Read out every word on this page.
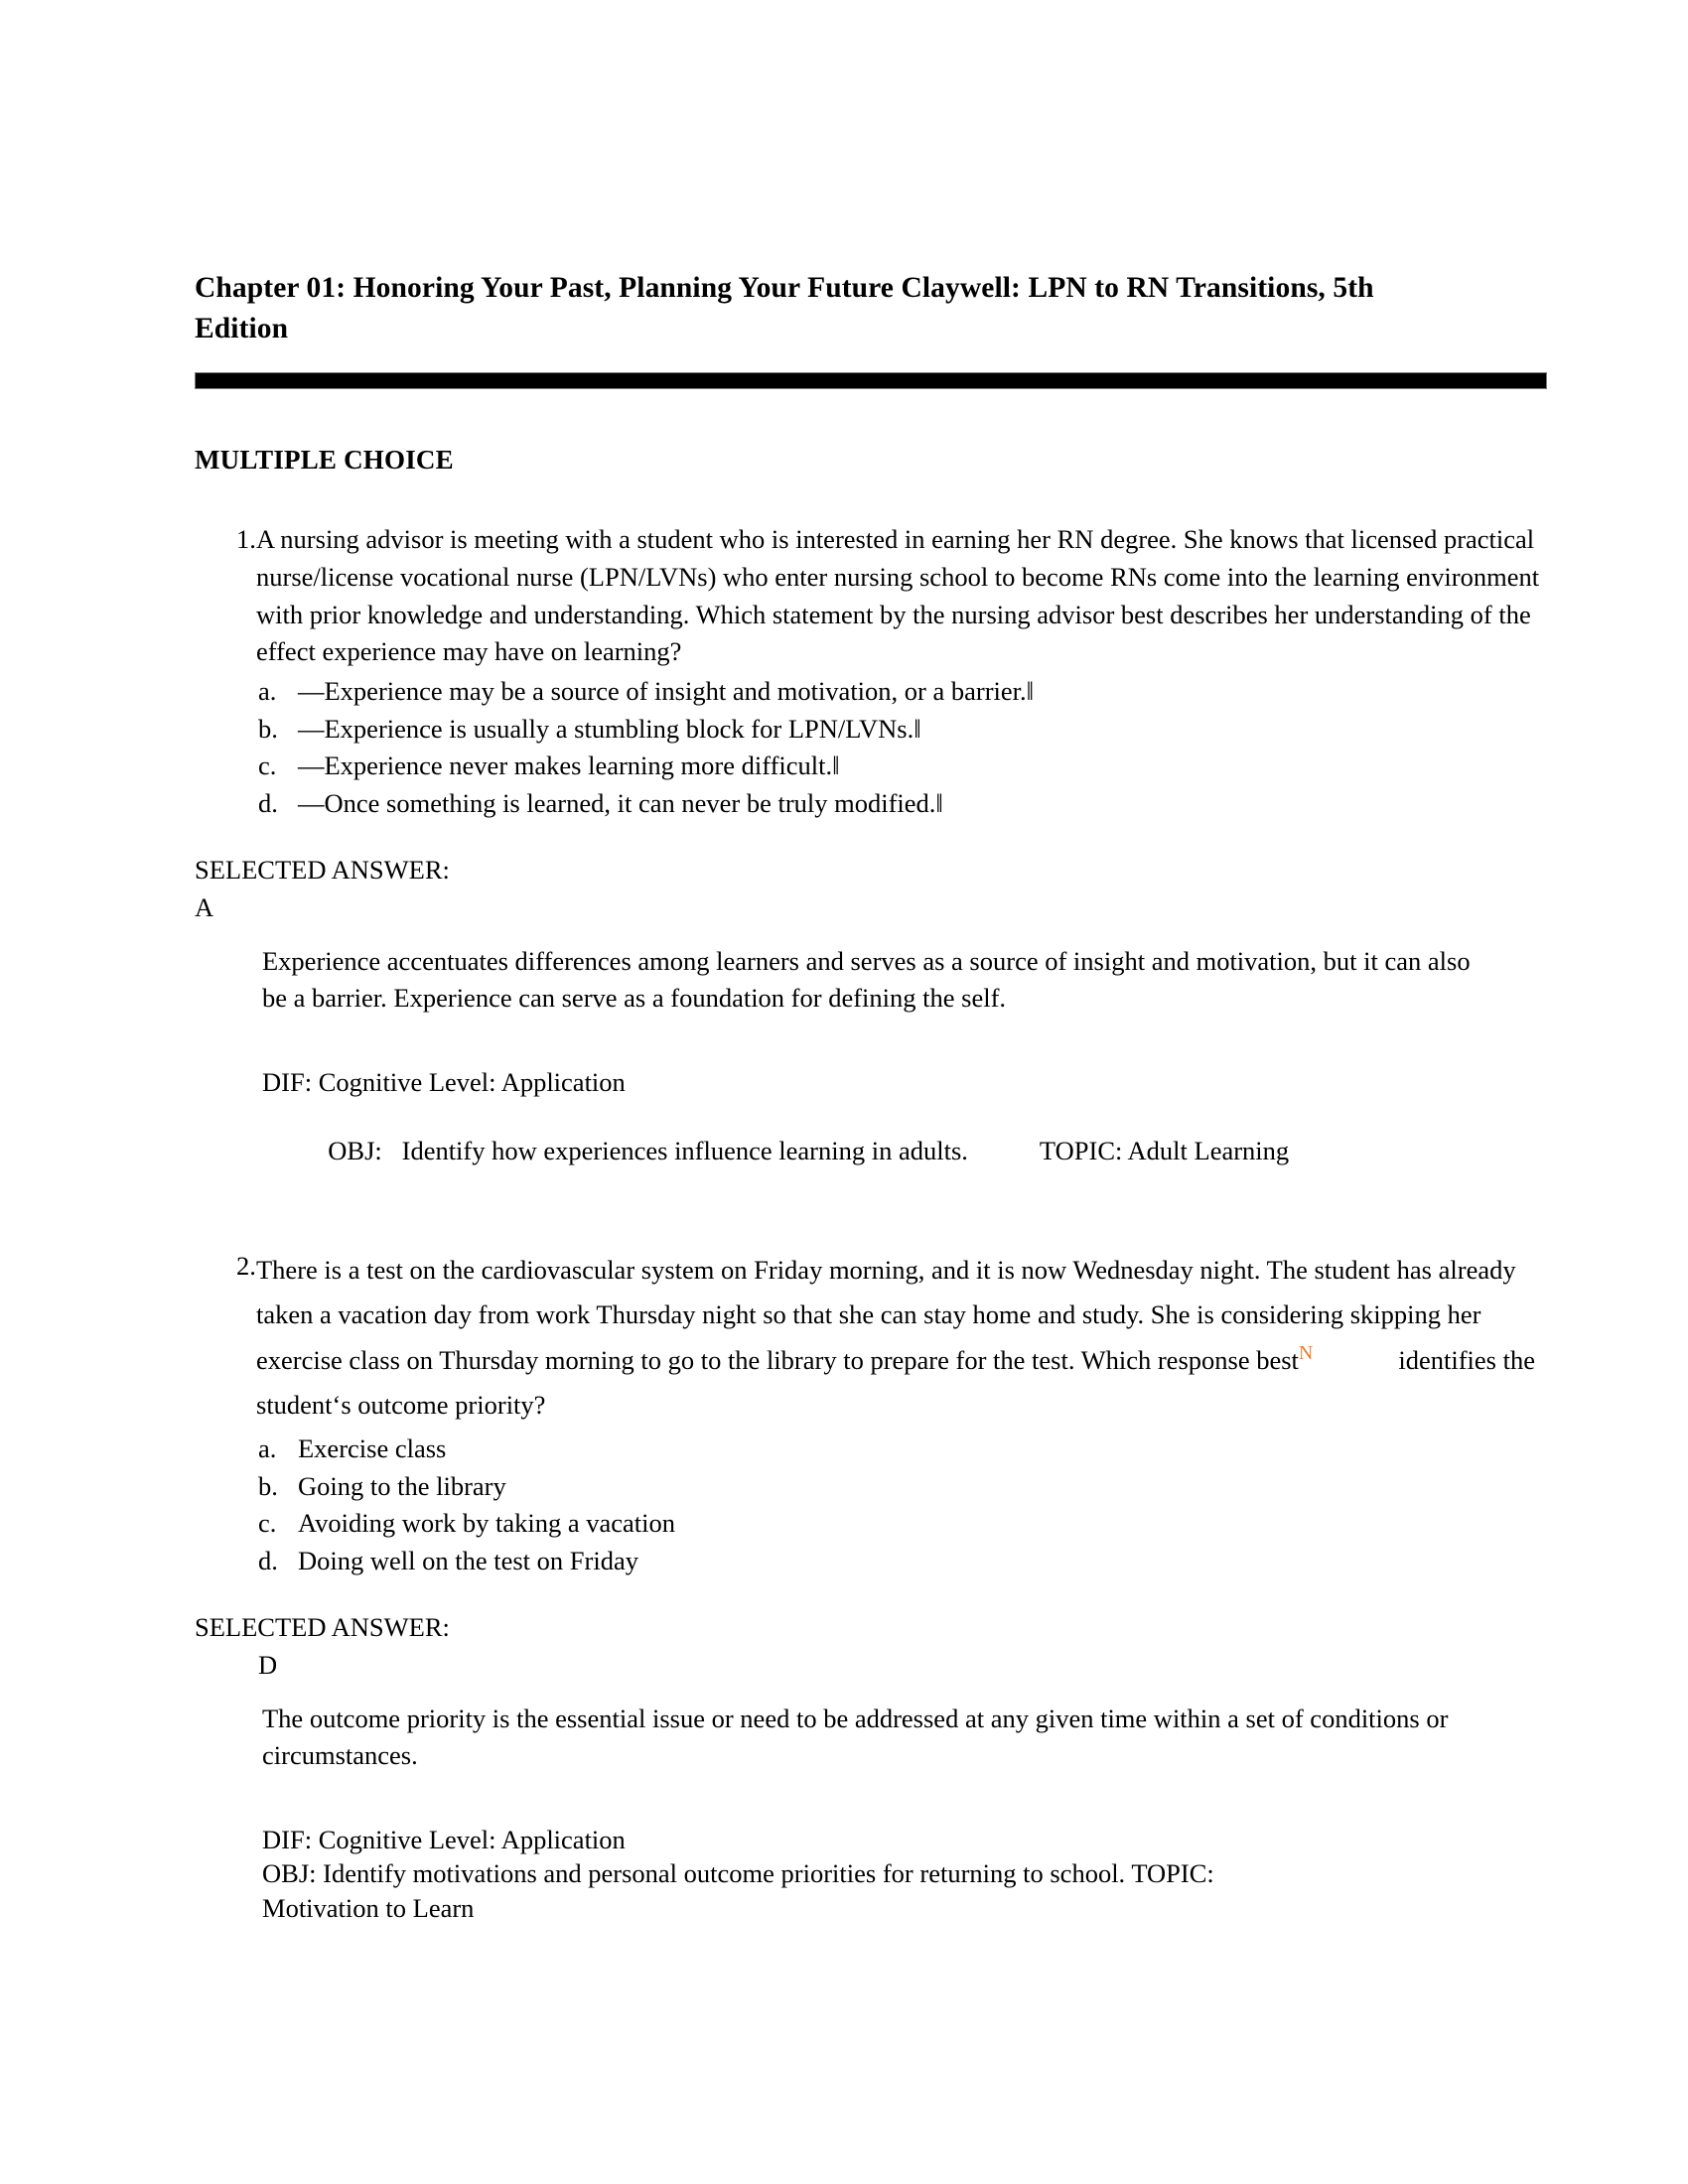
Chapter 01: Honoring Your Past, Planning Your Future Claywell: LPN to RN Transitions, 5th Edition
MULTIPLE CHOICE
1. A nursing advisor is meeting with a student who is interested in earning her RN degree. She knows that licensed practical nurse/license vocational nurse (LPN/LVNs) who enter nursing school to become RNs come into the learning environment with prior knowledge and understanding. Which statement by the nursing advisor best describes her understanding of the effect experience may have on learning?
a. —Experience may be a source of insight and motivation, or a barrier.‖
b. —Experience is usually a stumbling block for LPN/LVNs.‖
c. —Experience never makes learning more difficult.‖
d. —Once something is learned, it can never be truly modified.‖
SELECTED ANSWER:
A
Experience accentuates differences among learners and serves as a source of insight and motivation, but it can also be a barrier. Experience can serve as a foundation for defining the self.
DIF: Cognitive Level: Application

OBJ:   Identify how experiences influence learning in adults.	TOPIC: Adult Learning

2. There is a test on the cardiovascular system on Friday morning, and it is now Wednesday night. The student has already taken a vacation day from work Thursday night so that she can stay home and study. She is considering skipping her exercise class on Thursday morning to go to the library to prepare for the test. Which response best$^N$	identifies the student‘s outcome priority?
a. Exercise class
b. Going to the library
c. Avoiding work by taking a vacation
d. Doing well on the test on Friday
SELECTED ANSWER:
D
The outcome priority is the essential issue or need to be addressed at any given time within a set of conditions or circumstances.
DIF: Cognitive Level: Application
OBJ: Identify motivations and personal outcome priorities for returning to school. TOPIC:
Motivation to Learn
